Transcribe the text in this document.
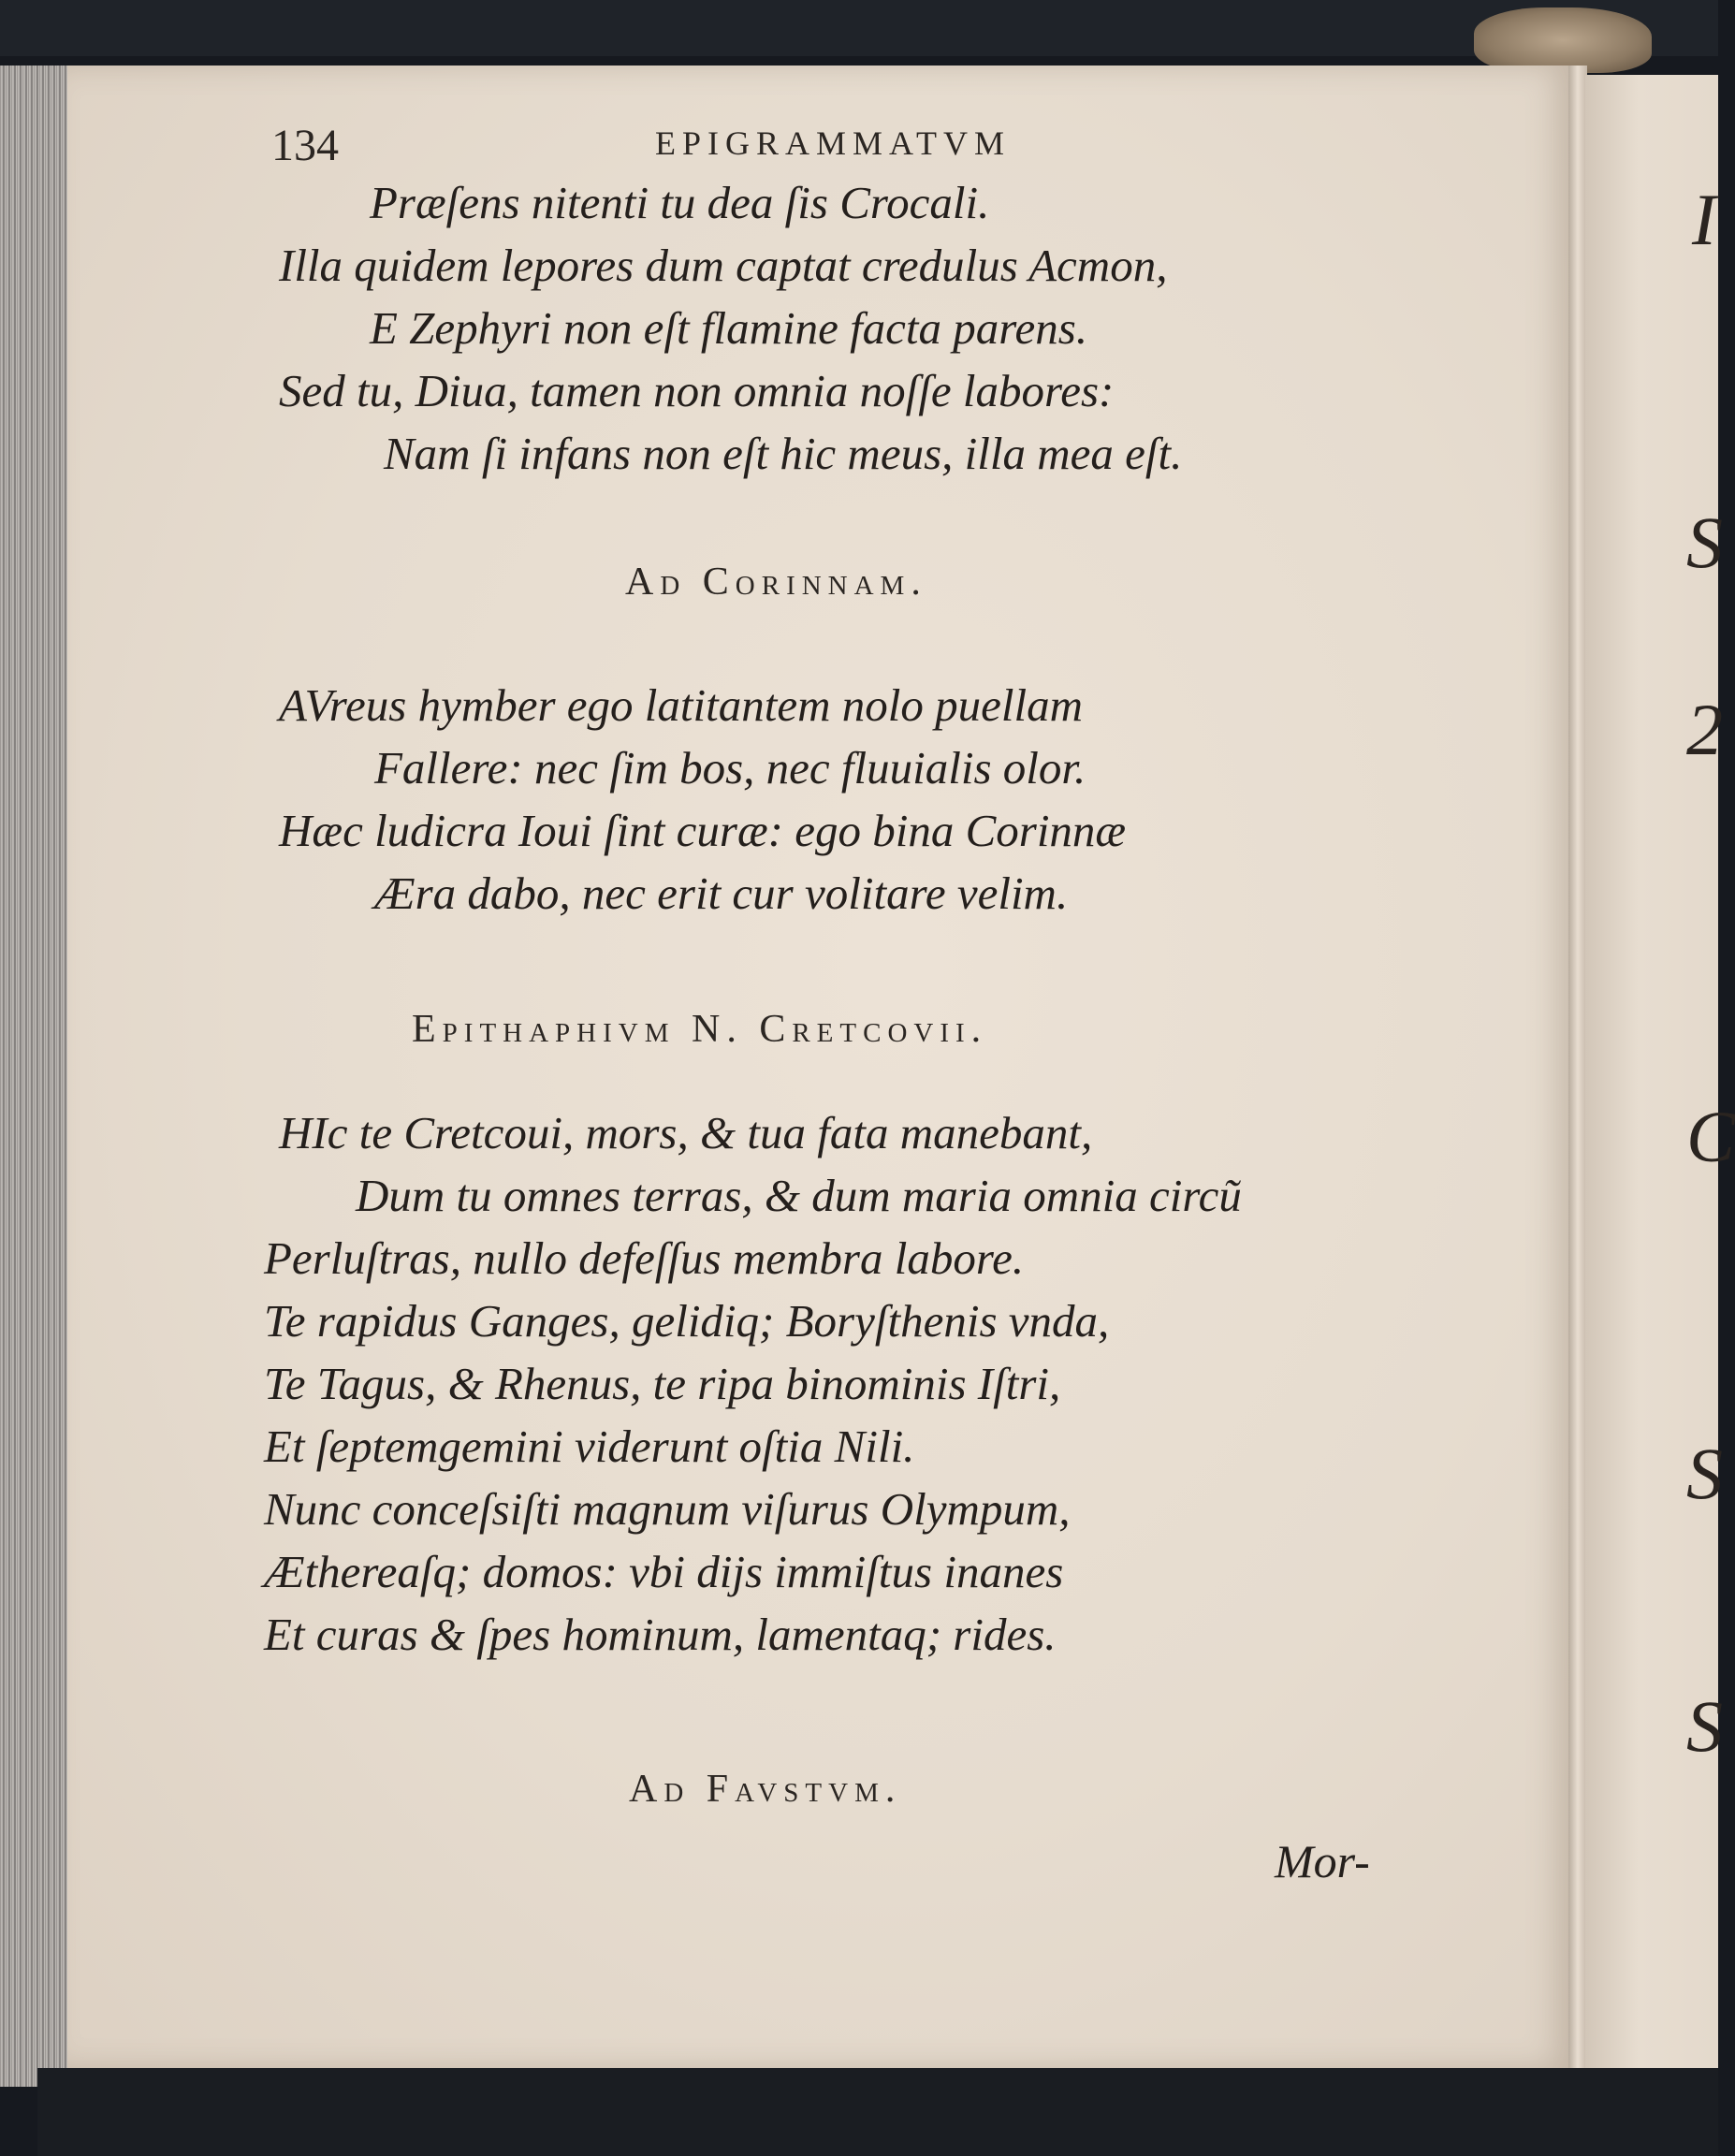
I
S
2
C
S
S
134	EPIGRAMMATVM
Præſens nitenti tu dea ſis Crocali.
Illa quidem lepores dum captat credulus Acmon,
E Zephyri non eſt flamine facta parens.
Sed tu, Diua, tamen non omnia noſſe labores:
Nam ſi infans non eſt hic meus, illa mea eſt.
Ad Corinnam.
AVreus hymber ego latitantem nolo puellam
Fallere: nec ſim bos, nec fluuialis olor.
Hæc ludicra Ioui ſint curæ: ego bina Corinnæ
Æra dabo, nec erit cur volitare velim.
Epithaphivm N. Cretcovii.
HIc te Cretcoui, mors, & tua fata manebant,
Dum tu omnes terras, & dum maria omnia circũ
Perluſtras, nullo defeſſus membra labore.
Te rapidus Ganges, gelidiq; Boryſthenis vnda,
Te Tagus, & Rhenus, te ripa binominis Iſtri,
Et ſeptemgemini viderunt oſtia Nili.
Nunc conceſsiſti magnum viſurus Olympum,
Æthereaſq; domos: vbi dijs immiſtus inanes
Et curas & ſpes hominum, lamentaq; rides.
Ad Favstvm.
Mor-
